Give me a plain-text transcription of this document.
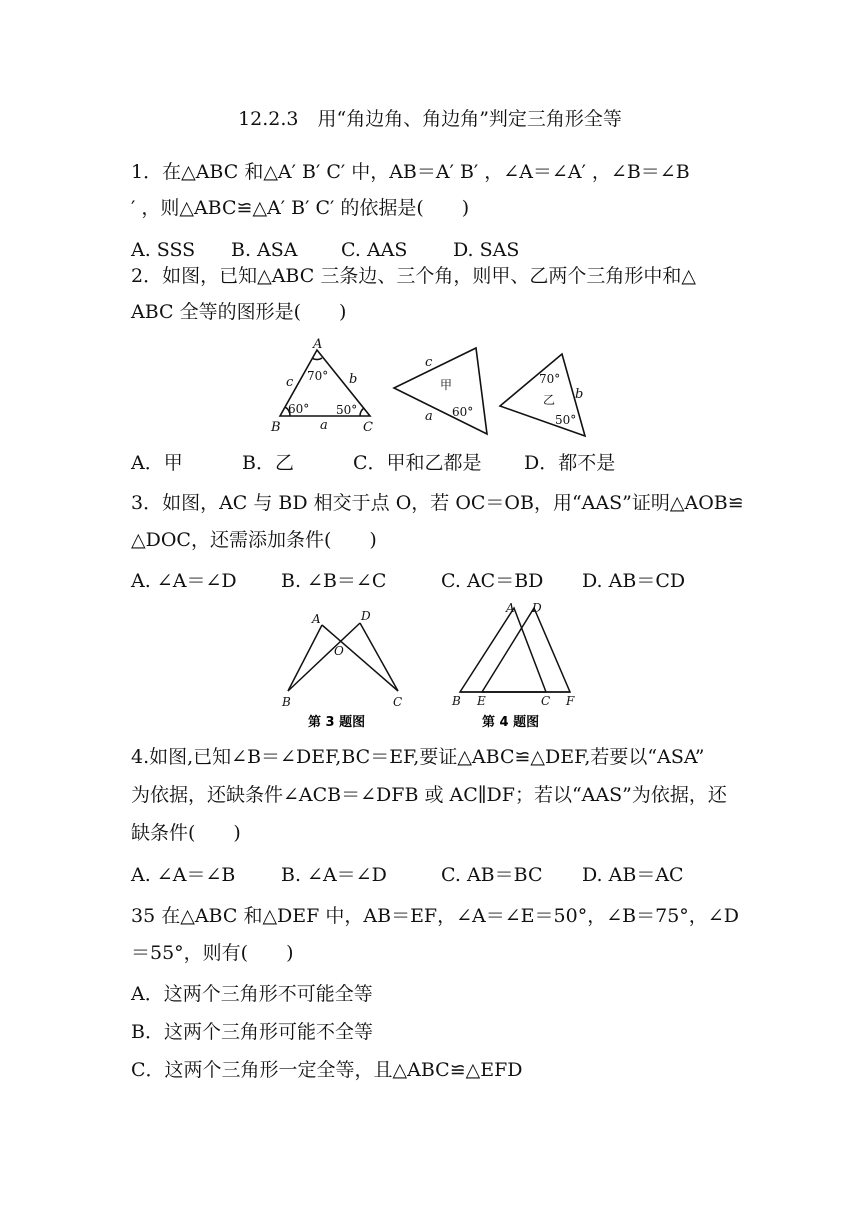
12.2.3　用“角边角、角边角”判定三角形全等
1．在△ABC 和△A′ B′ C′ 中，AB＝A′ B′ ，∠A＝∠A′ ，∠B＝∠B
′ ，则△ABC≌△A′ B′ C′ 的依据是(　　)
A. SSS B. ASA C. AAS D. SAS
2．如图，已知△ABC 三条边、三个角，则甲、乙两个三角形中和△
ABC 全等的图形是(　　)
A
B	C
a
b
c
c
a
b
70°
60° 50°
甲
60°
70°
乙
50°
A．甲	B．乙	C．甲和乙都是 D．都不是
3．如图，AC 与 BD 相交于点 O，若 OC＝OB，用“AAS”证明△AOB≌
△DOC，还需添加条件(　　)
A. ∠A＝∠D B. ∠B＝∠C	C. AC＝BD D. AB＝CD
A	D
O
B	C
第 3 题图
A D
B E	C F
第 4 题图
4.如图,已知∠B＝∠DEF,BC＝EF,要证△ABC≌△DEF,若要以“ASA”
为依据，还缺条件∠ACB＝∠DFB 或 AC∥DF；若以“AAS”为依据，还
缺条件(　　)
A. ∠A＝∠B B. ∠A＝∠D	C. AB＝BC D. AB＝AC
35 在△ABC 和△DEF 中，AB＝EF，∠A＝∠E＝50°，∠B＝75°，∠D
＝55°，则有(　　)
A．这两个三角形不可能全等
B．这两个三角形可能不全等
C．这两个三角形一定全等，且△ABC≌△EFD
